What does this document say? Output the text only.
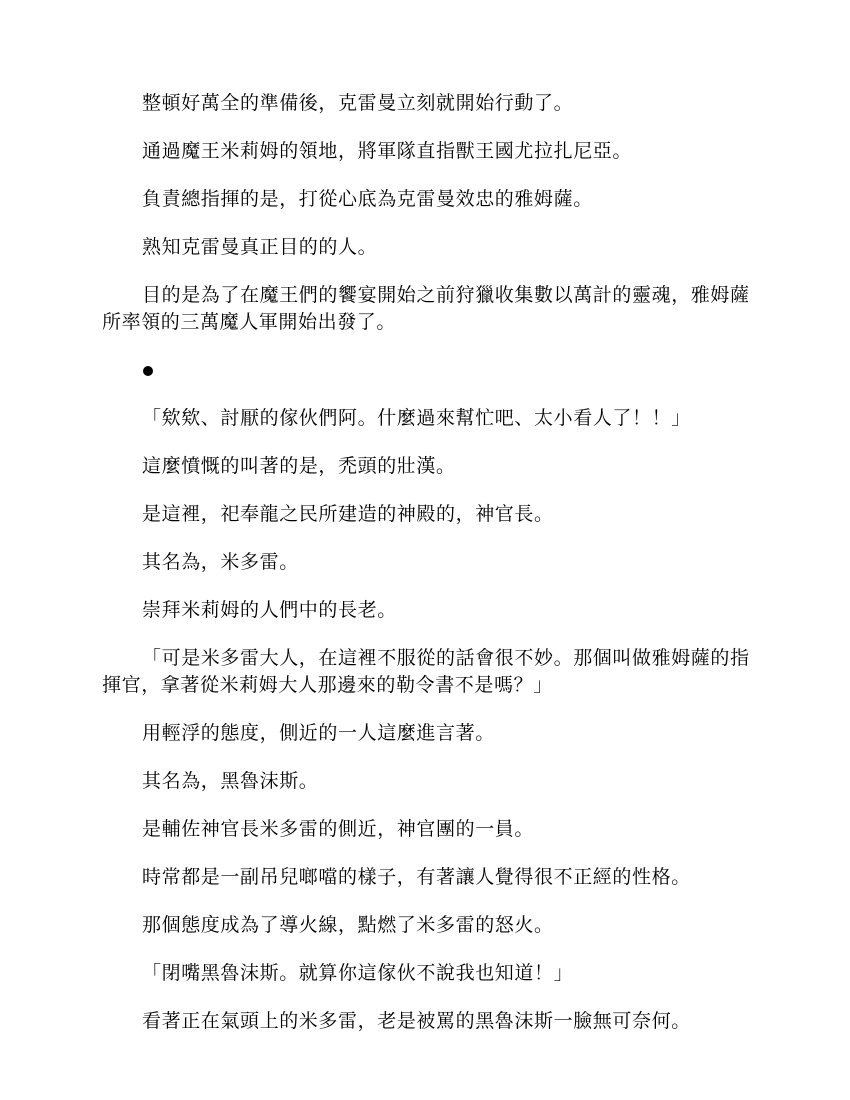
整頓好萬全的準備後，克雷曼立刻就開始行動了。

通過魔王米莉姆的領地，將軍隊直指獸王國尤拉扎尼亞。

負責總指揮的是，打從心底為克雷曼效忠的雅姆薩。

熟知克雷曼真正目的的人。

目的是為了在魔王們的饗宴開始之前狩獵收集數以萬計的靈魂，雅姆薩所率領的三萬魔人軍開始出發了。

「欸欸、討厭的傢伙們阿。什麼過來幫忙吧、太小看人了！！」

這麼憤慨的叫著的是，禿頭的壯漢。

是這裡，祀奉龍之民所建造的神殿的，神官長。

其名為，米多雷。

崇拜米莉姆的人們中的長老。

「可是米多雷大人，在這裡不服從的話會很不妙。那個叫做雅姆薩的指揮官，拿著從米莉姆大人那邊來的勒令書不是嗎？」

用輕浮的態度，側近的一人這麼進言著。

其名為，黑魯沫斯。

是輔佐神官長米多雷的側近，神官團的一員。

時常都是一副吊兒啷噹的樣子，有著讓人覺得很不正經的性格。

那個態度成為了導火線，點燃了米多雷的怒火。

「閉嘴黑魯沫斯。就算你這傢伙不說我也知道！」

看著正在氣頭上的米多雷，老是被罵的黑魯沫斯一臉無可奈何。
